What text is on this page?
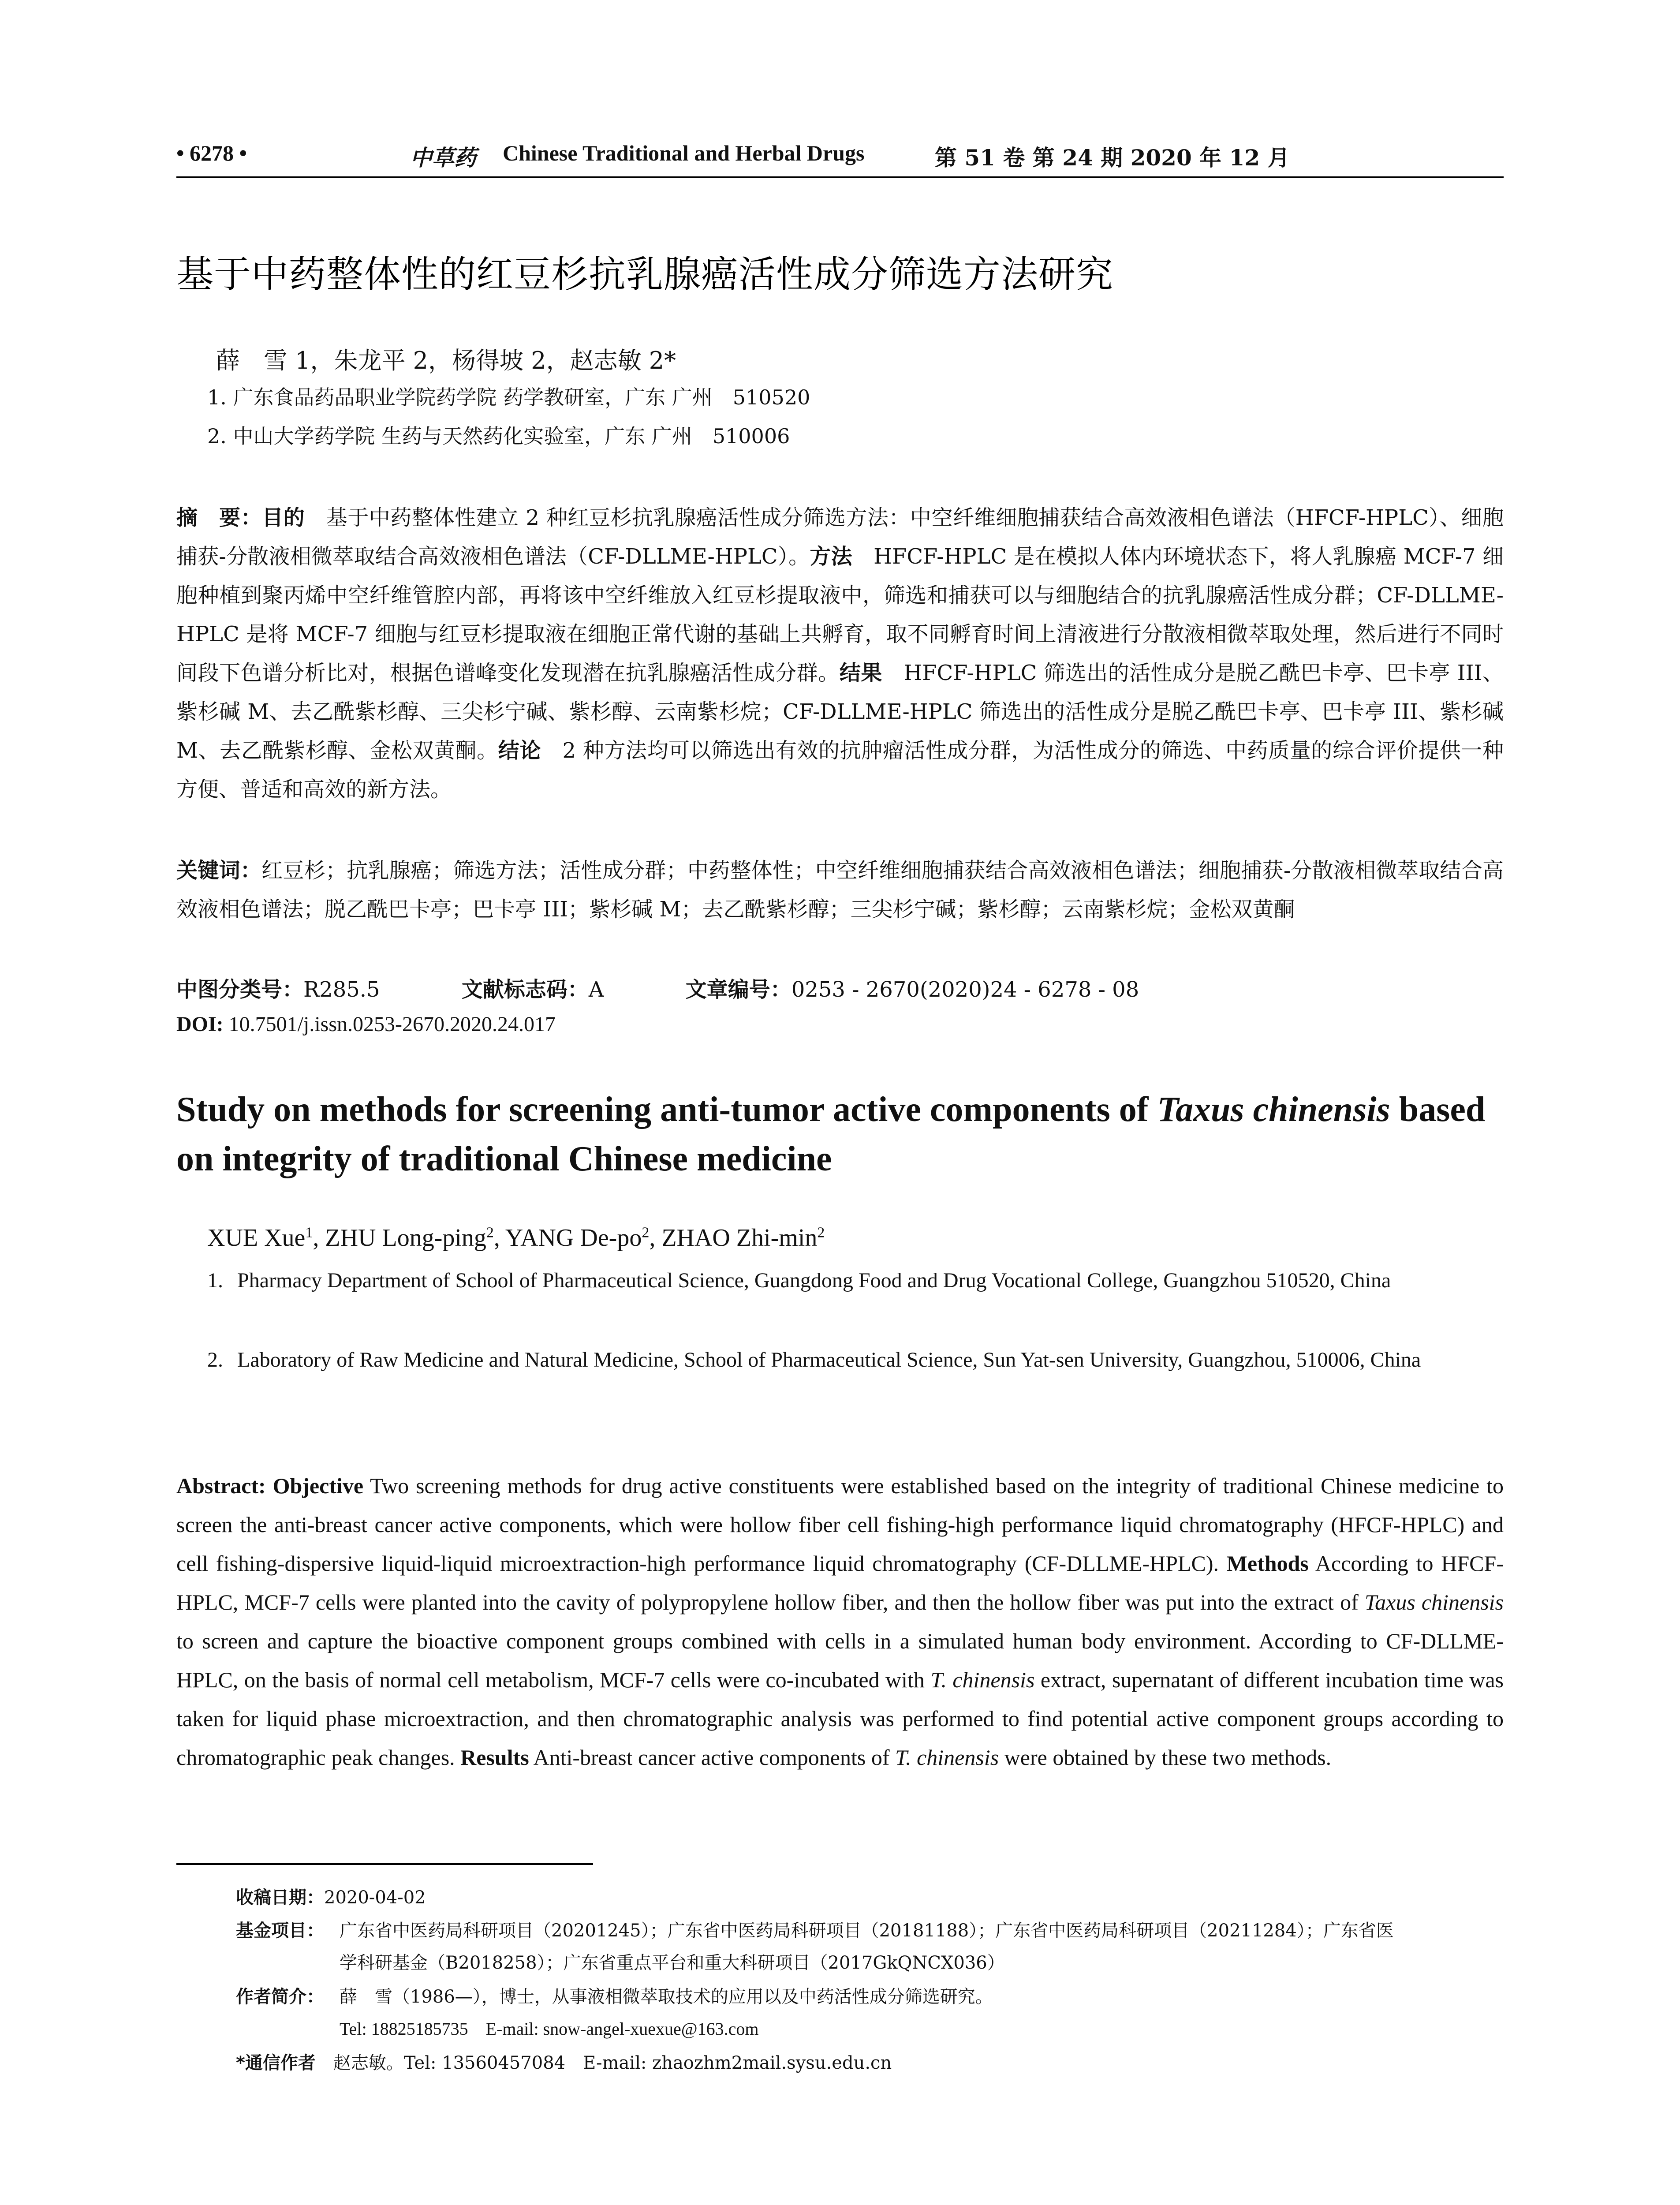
• 6278 •	中草药 Chinese Traditional and Herbal Drugs	第 51 卷 第 24 期 2020 年 12 月
基于中药整体性的红豆杉抗乳腺癌活性成分筛选方法研究
薛　雪 1，朱龙平 2，杨得坡 2，赵志敏 2*
1. 广东食品药品职业学院药学院 药学教研室，广东 广州　510520
2. 中山大学药学院 生药与天然药化实验室，广东 广州　510006
摘　要：目的　基于中药整体性建立 2 种红豆杉抗乳腺癌活性成分筛选方法：中空纤维细胞捕获结合高效液相色谱法（HFCF-HPLC）、细胞捕获-分散液相微萃取结合高效液相色谱法（CF-DLLME-HPLC）。方法　HFCF-HPLC 是在模拟人体内环境状态下，将人乳腺癌 MCF-7 细胞种植到聚丙烯中空纤维管腔内部，再将该中空纤维放入红豆杉提取液中，筛选和捕获可以与细胞结合的抗乳腺癌活性成分群；CF-DLLME-HPLC 是将 MCF-7 细胞与红豆杉提取液在细胞正常代谢的基础上共孵育，取不同孵育时间上清液进行分散液相微萃取处理，然后进行不同时间段下色谱分析比对，根据色谱峰变化发现潜在抗乳腺癌活性成分群。结果　HFCF-HPLC 筛选出的活性成分是脱乙酰巴卡亭、巴卡亭 III、紫杉碱 M、去乙酰紫杉醇、三尖杉宁碱、紫杉醇、云南紫杉烷；CF-DLLME-HPLC 筛选出的活性成分是脱乙酰巴卡亭、巴卡亭 III、紫杉碱 M、去乙酰紫杉醇、金松双黄酮。结论　2 种方法均可以筛选出有效的抗肿瘤活性成分群，为活性成分的筛选、中药质量的综合评价提供一种方便、普适和高效的新方法。
关键词：红豆杉；抗乳腺癌；筛选方法；活性成分群；中药整体性；中空纤维细胞捕获结合高效液相色谱法；细胞捕获-分散液相微萃取结合高效液相色谱法；脱乙酰巴卡亭；巴卡亭 III；紫杉碱 M；去乙酰紫杉醇；三尖杉宁碱；紫杉醇；云南紫杉烷；金松双黄酮
中图分类号：R285.5	文献标志码：A	文章编号：0253 - 2670(2020)24 - 6278 - 08
DOI: 10.7501/j.issn.0253-2670.2020.24.017
Study on methods for screening anti-tumor active components of Taxus chinensis based on integrity of traditional Chinese medicine
XUE Xue$^1$, ZHU Long-ping$^2$, YANG $De-po^2$, ZHAO Zhi-$\min^2$
1. Pharmacy Department of School of Pharmaceutical Science, Guangdong Food and Drug Vocational College, Guangzhou 510520, China
2. Laboratory of Raw Medicine and Natural Medicine, School of Pharmaceutical Science, Sun Yat-sen University, Guangzhou, 510006, China
Abstract: Objective Two screening methods for drug active constituents were established based on the integrity of traditional Chinese medicine to screen the anti-breast cancer active components, which were hollow fiber cell fishing-high performance liquid chromatography (HFCF-HPLC) and cell fishing-dispersive liquid-liquid microextraction-high performance liquid chromatography (CF-DLLME-HPLC). Methods According to HFCF-HPLC, MCF-7 cells were planted into the cavity of polypropylene hollow fiber, and then the hollow fiber was put into the extract of Taxus chinensis to screen and capture the bioactive component groups combined with cells in a simulated human body environment. According to CF-DLLME-HPLC, on the basis of normal cell metabolism, MCF-7 cells were co-incubated with T. chinensis extract, supernatant of different incubation time was taken for liquid phase microextraction, and then chromatographic analysis was performed to find potential active component groups according to chromatographic peak changes. Results Anti-breast cancer active components of T. chinensis were obtained by these two methods.
收稿日期：2020-04-02
基金项目： 广东省中医药局科研项目（20201245）；广东省中医药局科研项目（20181188）；广东省中医药局科研项目（20211284）；广东省医
学科研基金（B2018258）；广东省重点平台和重大科研项目（2017GkQNCX036）
作者简介： 薛　雪（1986—），博士，从事液相微萃取技术的应用以及中药活性成分筛选研究。
Tel: 18825185735　E-mail: snow-angel-xuexue@163.com
*通信作者　赵志敏。Tel: 13560457084　E-mail: zhaozhm2mail.sysu.edu.cn
